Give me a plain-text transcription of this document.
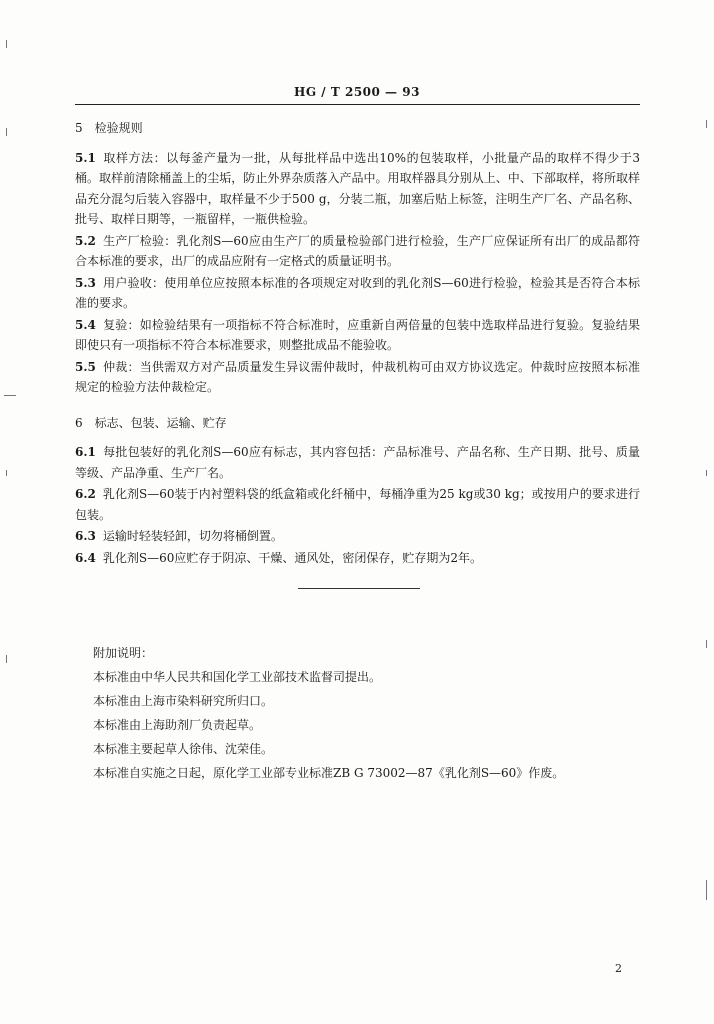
HG / T 2500 — 93
5 检验规则

5.1 取样方法：以每釜产量为一批，从每批样品中选出10%的包装取样，小批量产品的取样不得少于3桶。取样前清除桶盖上的尘垢，防止外界杂质落入产品中。用取样器具分别从上、中、下部取样，将所取样品充分混匀后装入容器中，取样量不少于500 g，分装二瓶，加塞后贴上标签，注明生产厂名、产品名称、批号、取样日期等，一瓶留样，一瓶供检验。

5.2 生产厂检验：乳化剂S—60应由生产厂的质量检验部门进行检验，生产厂应保证所有出厂的成品都符合本标准的要求，出厂的成品应附有一定格式的质量证明书。

5.3 用户验收：使用单位应按照本标准的各项规定对收到的乳化剂S—60进行检验，检验其是否符合本标准的要求。

5.4 复验：如检验结果有一项指标不符合标准时，应重新自两倍量的包装中选取样品进行复验。复验结果即使只有一项指标不符合本标准要求，则整批成品不能验收。

5.5 仲裁：当供需双方对产品质量发生异议需仲裁时，仲裁机构可由双方协议选定。仲裁时应按照本标准规定的检验方法仲裁检定。

6 标志、包装、运输、贮存

6.1 每批包装好的乳化剂S—60应有标志，其内容包括：产品标准号、产品名称、生产日期、批号、质量等级、产品净重、生产厂名。

6.2 乳化剂S—60装于内衬塑料袋的纸盒箱或化纤桶中，每桶净重为25 kg或30 kg；或按用户的要求进行包装。

6.3 运输时轻装轻卸，切勿将桶倒置。

6.4 乳化剂S—60应贮存于阴凉、干燥、通风处，密闭保存，贮存期为2年。

附加说明：

本标准由中华人民共和国化学工业部技术监督司提出。

本标准由上海市染料研究所归口。

本标准由上海助剂厂负责起草。

本标准主要起草人徐伟、沈荣佳。

本标准自实施之日起，原化学工业部专业标准ZB G 73002—87《乳化剂S—60》作废。

2
